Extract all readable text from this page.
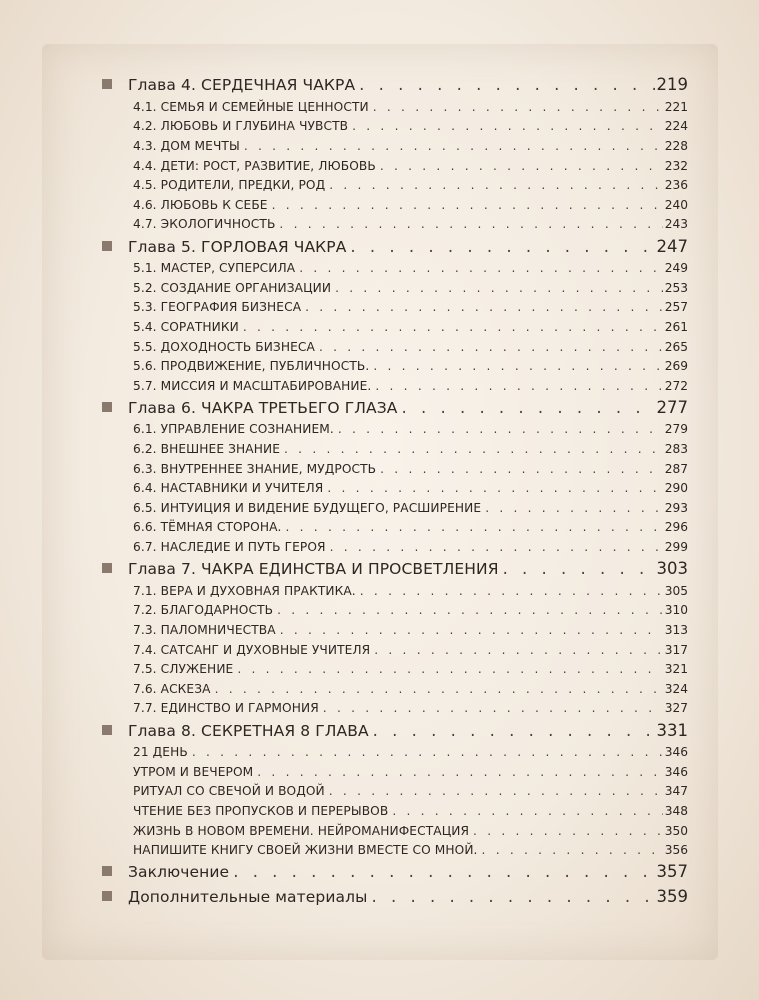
Глава 4. СЕРДЕЧНАЯ ЧАКРА . . .	219
4.1. СЕМЬЯ И СЕМЕЙНЫЕ ЦЕННОСТИ . . .	221
4.2. ЛЮБОВЬ И ГЛУБИНА ЧУВСТВ . . .	224
4.3. ДОМ МЕЧТЫ . . .	228
4.4. ДЕТИ: РОСТ, РАЗВИТИЕ, ЛЮБОВЬ . . .	232
4.5. РОДИТЕЛИ, ПРЕДКИ, РОД . . .	236
4.6. ЛЮБОВЬ К СЕБЕ . . .	240
4.7. ЭКОЛОГИЧНОСТЬ . . .	243
Глава 5. ГОРЛОВАЯ ЧАКРА . . .	247
5.1. МАСТЕР, СУПЕРСИЛА . . .	249
5.2. СОЗДАНИЕ ОРГАНИЗАЦИИ . . .	253
5.3. ГЕОГРАФИЯ БИЗНЕСА . . .	257
5.4. СОРАТНИКИ . . .	261
5.5. ДОХОДНОСТЬ БИЗНЕСА . . .	265
5.6. ПРОДВИЖЕНИЕ, ПУБЛИЧНОСТЬ. . . .	269
5.7. МИССИЯ И МАСШТАБИРОВАНИЕ. . . .	272
Глава 6. ЧАКРА ТРЕТЬЕГО ГЛАЗА . . .	277
6.1. УПРАВЛЕНИЕ СОЗНАНИЕМ. . . .	279
6.2. ВНЕШНЕЕ ЗНАНИЕ . . .	283
6.3. ВНУТРЕННЕЕ ЗНАНИЕ, МУДРОСТЬ . . .	287
6.4. НАСТАВНИКИ И УЧИТЕЛЯ . . .	290
6.5. ИНТУИЦИЯ И ВИДЕНИЕ БУДУЩЕГО, РАСШИРЕНИЕ . . .	293
6.6. ТЁМНАЯ СТОРОНА. . . .	296
6.7. НАСЛЕДИЕ И ПУТЬ ГЕРОЯ . . .	299
Глава 7. ЧАКРА ЕДИНСТВА И ПРОСВЕТЛЕНИЯ . . .	303
7.1. ВЕРА И ДУХОВНАЯ ПРАКТИКА. . . .	305
7.2. БЛАГОДАРНОСТЬ . . .	310
7.3. ПАЛОМНИЧЕСТВА . . .	313
7.4. САТСАНГ И ДУХОВНЫЕ УЧИТЕЛЯ . . .	317
7.5. СЛУЖЕНИЕ . . .	321
7.6. АСКЕЗА . . .	324
7.7. ЕДИНСТВО И ГАРМОНИЯ . . .	327
Глава 8. СЕКРЕТНАЯ 8 ГЛАВА . . .	331
21 ДЕНЬ . . .	346
УТРОМ И ВЕЧЕРОМ . . .	346
РИТУАЛ СО СВЕЧОЙ И ВОДОЙ . . .	347
ЧТЕНИЕ БЕЗ ПРОПУСКОВ И ПЕРЕРЫВОВ . . .	348
ЖИЗНЬ В НОВОМ ВРЕМЕНИ. НЕЙРОМАНИФЕСТАЦИЯ . . .	350
НАПИШИТЕ КНИГУ СВОЕЙ ЖИЗНИ ВМЕСТЕ СО МНОЙ. . . .	356
Заключение . . .	357
Дополнительные материалы . . .	359
